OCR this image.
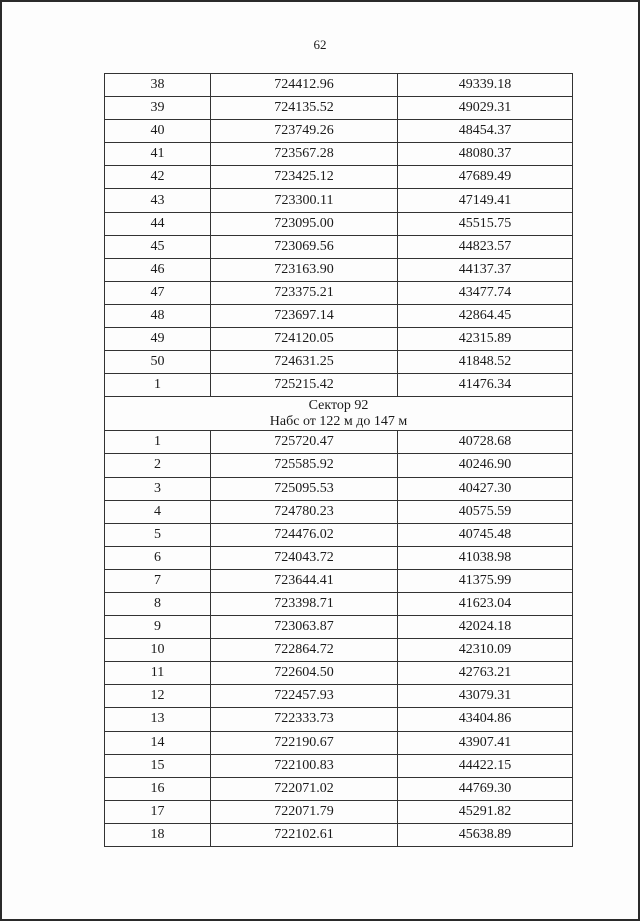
62
38	724412.96	49339.18
39	724135.52	49029.31
40	723749.26	48454.37
41	723567.28	48080.37
42	723425.12	47689.49
43	723300.11	47149.41
44	723095.00	45515.75
45	723069.56	44823.57
46	723163.90	44137.37
47	723375.21	43477.74
48	723697.14	42864.45
49	724120.05	42315.89
50	724631.25	41848.52
1	725215.42	41476.34

Сектор 92
Набс от 122 м до 147 м		

1	725720.47	40728.68
2	725585.92	40246.90
3	725095.53	40427.30
4	724780.23	40575.59
5	724476.02	40745.48
6	724043.72	41038.98
7	723644.41	41375.99
8	723398.71	41623.04
9	723063.87	42024.18
10	722864.72	42310.09
11	722604.50	42763.21
12	722457.93	43079.31
13	722333.73	43404.86
14	722190.67	43907.41
15	722100.83	44422.15
16	722071.02	44769.30
17	722071.79	45291.82
18	722102.61	45638.89
